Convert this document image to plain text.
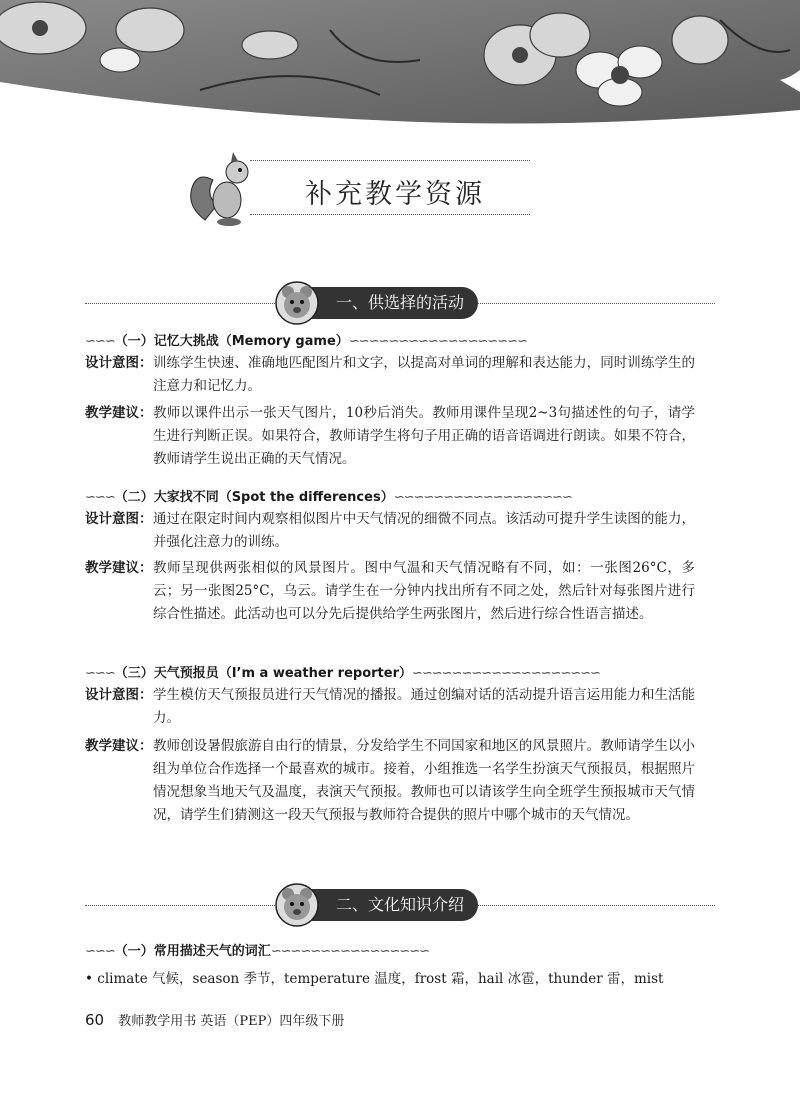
补充教学资源
一、供选择的活动
∽∽∽（一）记忆大挑战（Memory game）∽∽∽∽∽∽∽∽∽∽∽∽∽∽∽∽∽∽
设计意图： 训练学生快速、准确地匹配图片和文字，以提高对单词的理解和表达能力，同时训练学生的注意力和记忆力。
教学建议： 教师以课件出示一张天气图片，10秒后消失。教师用课件呈现2~3句描述性的句子，请学生进行判断正误。如果符合，教师请学生将句子用正确的语音语调进行朗读。如果不符合，教师请学生说出正确的天气情况。
∽∽∽（二）大家找不同（Spot the differences）∽∽∽∽∽∽∽∽∽∽∽∽∽∽∽∽∽∽
设计意图： 通过在限定时间内观察相似图片中天气情况的细微不同点。该活动可提升学生读图的能力，并强化注意力的训练。
教学建议： 教师呈现供两张相似的风景图片。图中气温和天气情况略有不同，如：一张图26°C，多云；另一张图25°C，乌云。请学生在一分钟内找出所有不同之处，然后针对每张图片进行综合性描述。此活动也可以分先后提供给学生两张图片，然后进行综合性语言描述。
∽∽∽（三）天气预报员（I’m a weather reporter）∽∽∽∽∽∽∽∽∽∽∽∽∽∽∽∽∽∽∽
设计意图： 学生模仿天气预报员进行天气情况的播报。通过创编对话的活动提升语言运用能力和生活能力。
教学建议： 教师创设暑假旅游自由行的情景，分发给学生不同国家和地区的风景照片。教师请学生以小组为单位合作选择一个最喜欢的城市。接着，小组推选一名学生扮演天气预报员，根据照片情况想象当地天气及温度，表演天气预报。教师也可以请该学生向全班学生预报城市天气情况，请学生们猜测这一段天气预报与教师符合提供的照片中哪个城市的天气情况。
二、文化知识介绍
∽∽∽（一）常用描述天气的词汇∽∽∽∽∽∽∽∽∽∽∽∽∽∽∽∽
• climate 气候，season 季节，temperature 温度，frost 霜，hail 冰雹，thunder 雷，mist
60 教师教学用书 英语（PEP）四年级下册
